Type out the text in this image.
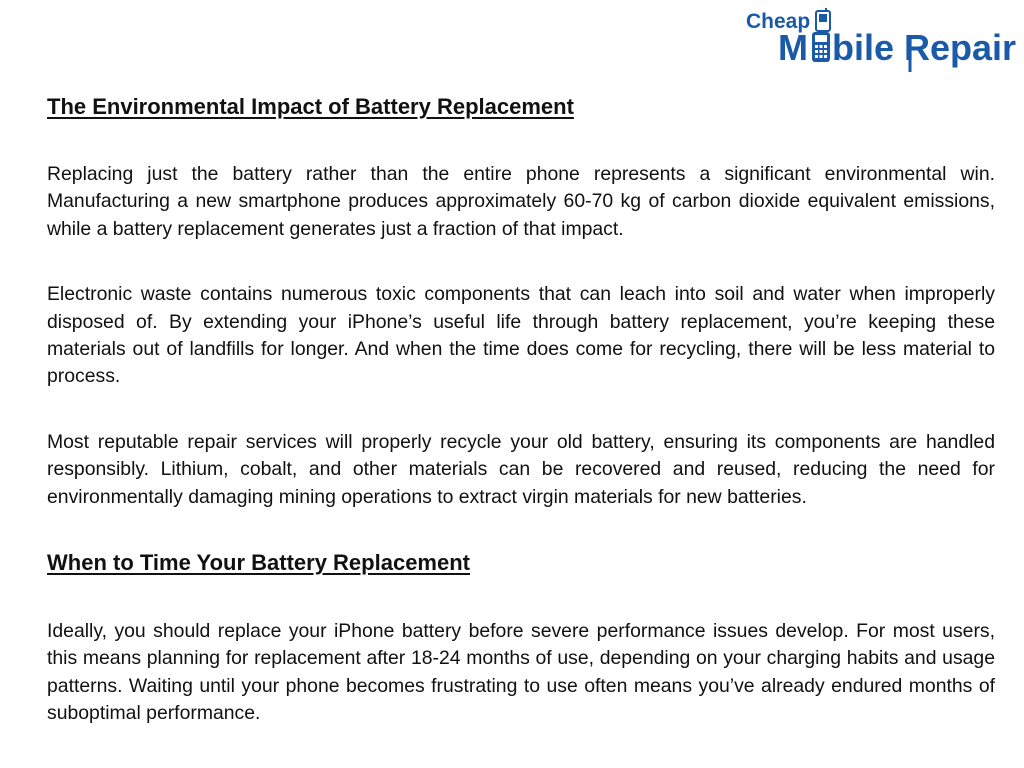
Cheap
M bile R epair
The Environmental Impact of Battery Replacement

Replacing just the battery rather than the entire phone represents a significant environmental win. Manufacturing a new smartphone produces approximately 60-70 kg of carbon dioxide equivalent emissions, while a battery replacement generates just a fraction of that impact.

Electronic waste contains numerous toxic components that can leach into soil and water when improperly disposed of. By extending your iPhone’s useful life through battery replacement, you’re keeping these materials out of landfills for longer. And when the time does come for recycling, there will be less material to process.

Most reputable repair services will properly recycle your old battery, ensuring its components are handled responsibly. Lithium, cobalt, and other materials can be recovered and reused, reducing the need for environmentally damaging mining operations to extract virgin materials for new batteries.

When to Time Your Battery Replacement

Ideally, you should replace your iPhone battery before severe performance issues develop. For most users, this means planning for replacement after 18-24 months of use, depending on your charging habits and usage patterns. Waiting until your phone becomes frustrating to use often means you’ve already endured months of suboptimal performance.
